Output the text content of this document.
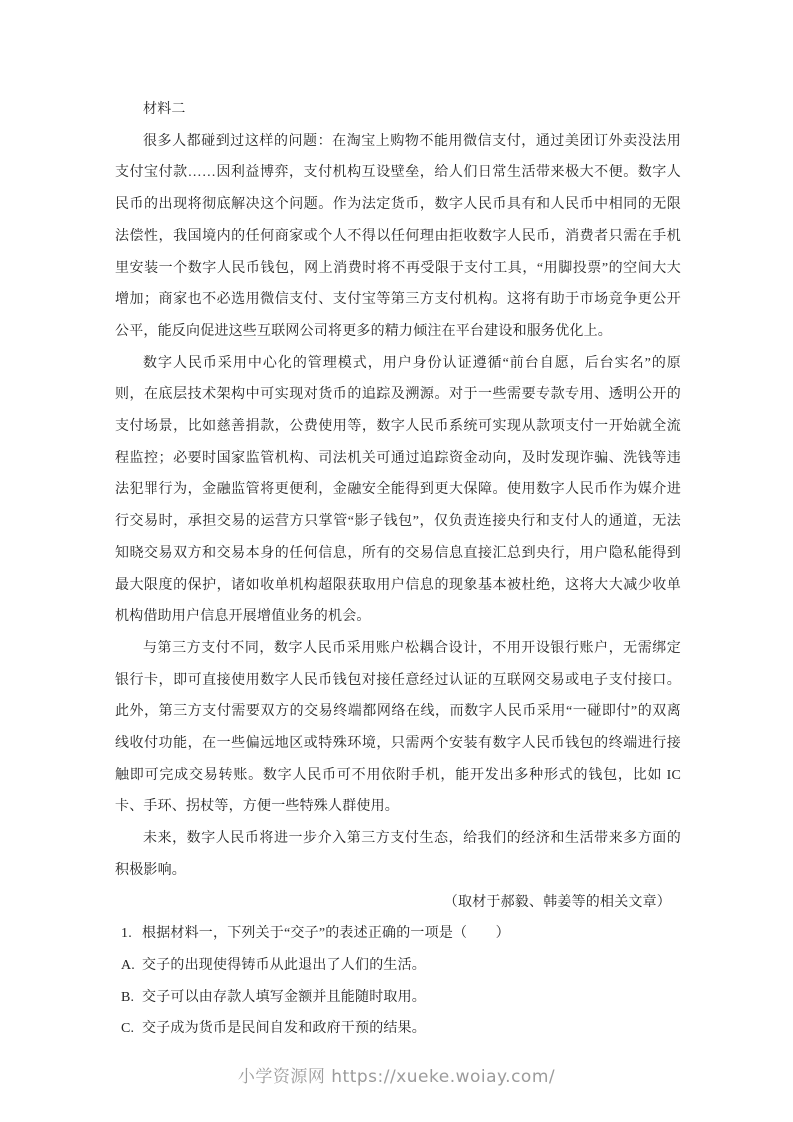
材料二

很多人都碰到过这样的问题：在淘宝上购物不能用微信支付，通过美团订外卖没法用支付宝付款……因利益博弈，支付机构互设壁垒，给人们日常生活带来极大不便。数字人民币的出现将彻底解决这个问题。作为法定货币，数字人民币具有和人民币中相同的无限法偿性，我国境内的任何商家或个人不得以任何理由拒收数字人民币，消费者只需在手机里安装一个数字人民币钱包，网上消费时将不再受限于支付工具，“用脚投票”的空间大大增加；商家也不必选用微信支付、支付宝等第三方支付机构。这将有助于市场竞争更公开公平，能反向促进这些互联网公司将更多的精力倾注在平台建设和服务优化上。

数字人民币采用中心化的管理模式，用户身份认证遵循“前台自愿，后台实名”的原则，在底层技术架构中可实现对货币的追踪及溯源。对于一些需要专款专用、透明公开的支付场景，比如慈善捐款，公费使用等，数字人民币系统可实现从款项支付一开始就全流程监控；必要时国家监管机构、司法机关可通过追踪资金动向，及时发现诈骗、洗钱等违法犯罪行为，金融监管将更便利，金融安全能得到更大保障。使用数字人民币作为媒介进行交易时，承担交易的运营方只掌管“影子钱包”，仅负责连接央行和支付人的通道，无法知晓交易双方和交易本身的任何信息，所有的交易信息直接汇总到央行，用户隐私能得到最大限度的保护，诸如收单机构超限获取用户信息的现象基本被杜绝，这将大大减少收单机构借助用户信息开展增值业务的机会。

与第三方支付不同，数字人民币采用账户松耦合设计，不用开设银行账户，无需绑定银行卡，即可直接使用数字人民币钱包对接任意经过认证的互联网交易或电子支付接口。此外，第三方支付需要双方的交易终端都网络在线，而数字人民币采用“一碰即付”的双离线收付功能，在一些偏远地区或特殊环境，只需两个安装有数字人民币钱包的终端进行接触即可完成交易转账。数字人民币可不用依附手机，能开发出多种形式的钱包，比如 IC 卡、手环、拐杖等，方便一些特殊人群使用。

未来，数字人民币将进一步介入第三方支付生态，给我们的经济和生活带来多方面的积极影响。

（取材于郝毅、韩姜等的相关文章）

1. 根据材料一，下列关于“交子”的表述正确的一项是（　　）
A. 交子的出现使得铸币从此退出了人们的生活。
B. 交子可以由存款人填写金额并且能随时取用。
C. 交子成为货币是民间自发和政府干预的结果。
小学资源网 https://xueke.woiay.com/
